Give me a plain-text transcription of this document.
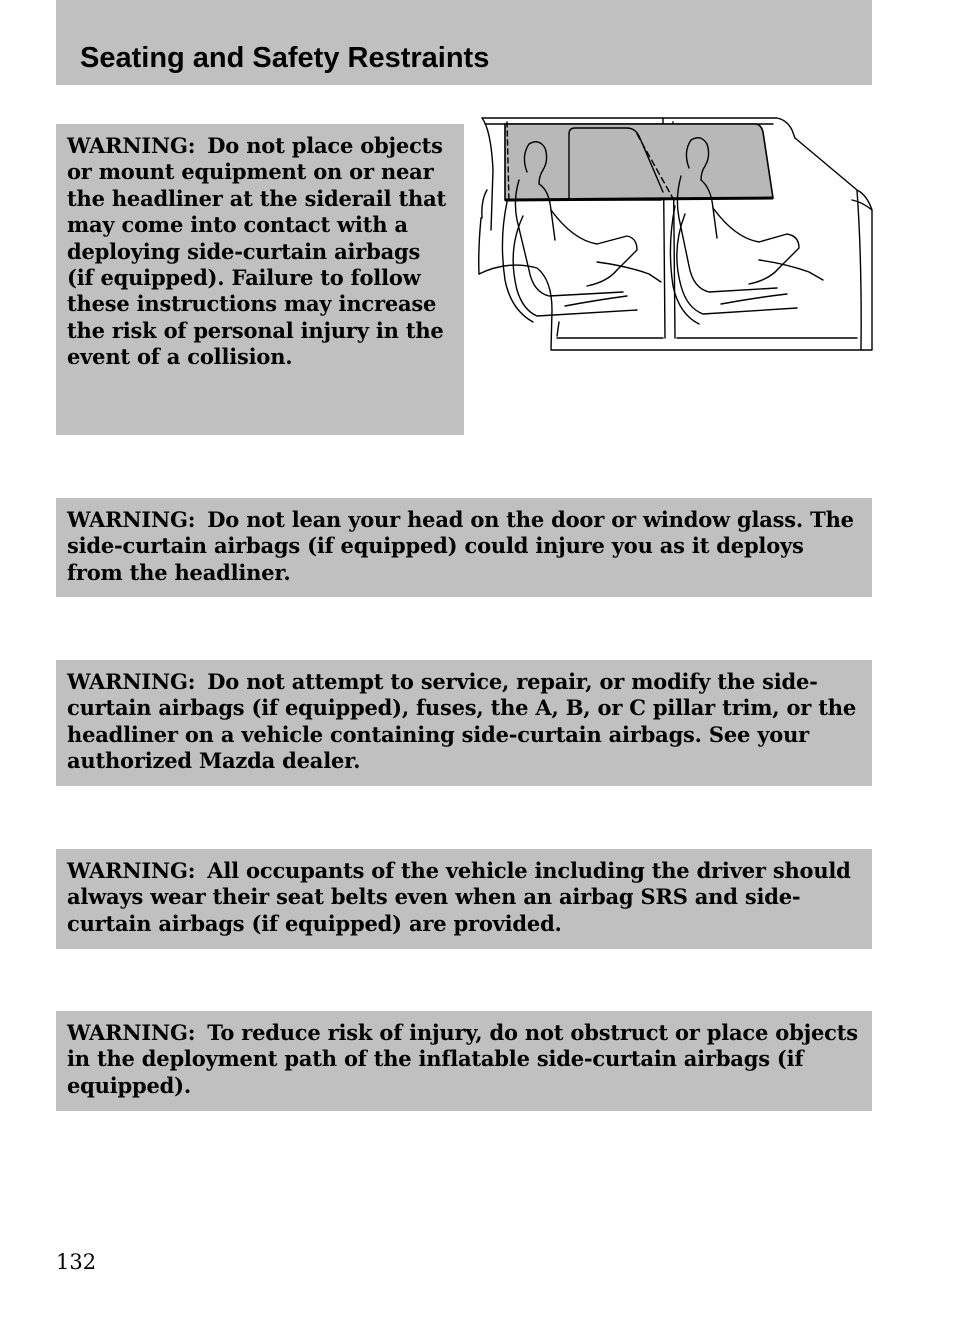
Seating and Safety Restraints

WARNING: Do not place objects or mount equipment on or near the headliner at the siderail that may come into contact with a deploying side-curtain airbags (if equipped). Failure to follow these instructions may increase the risk of personal injury in the event of a collision.

WARNING: Do not lean your head on the door or window glass. The side-curtain airbags (if equipped) could injure you as it deploys from the headliner.

WARNING: Do not attempt to service, repair, or modify the side-curtain airbags (if equipped), fuses, the A, B, or C pillar trim, or the headliner on a vehicle containing side-curtain airbags. See your authorized Mazda dealer.

WARNING: All occupants of the vehicle including the driver should always wear their seat belts even when an airbag SRS and side-curtain airbags (if equipped) are provided.

WARNING: To reduce risk of injury, do not obstruct or place objects in the deployment path of the inflatable side-curtain airbags (if equipped).

132
